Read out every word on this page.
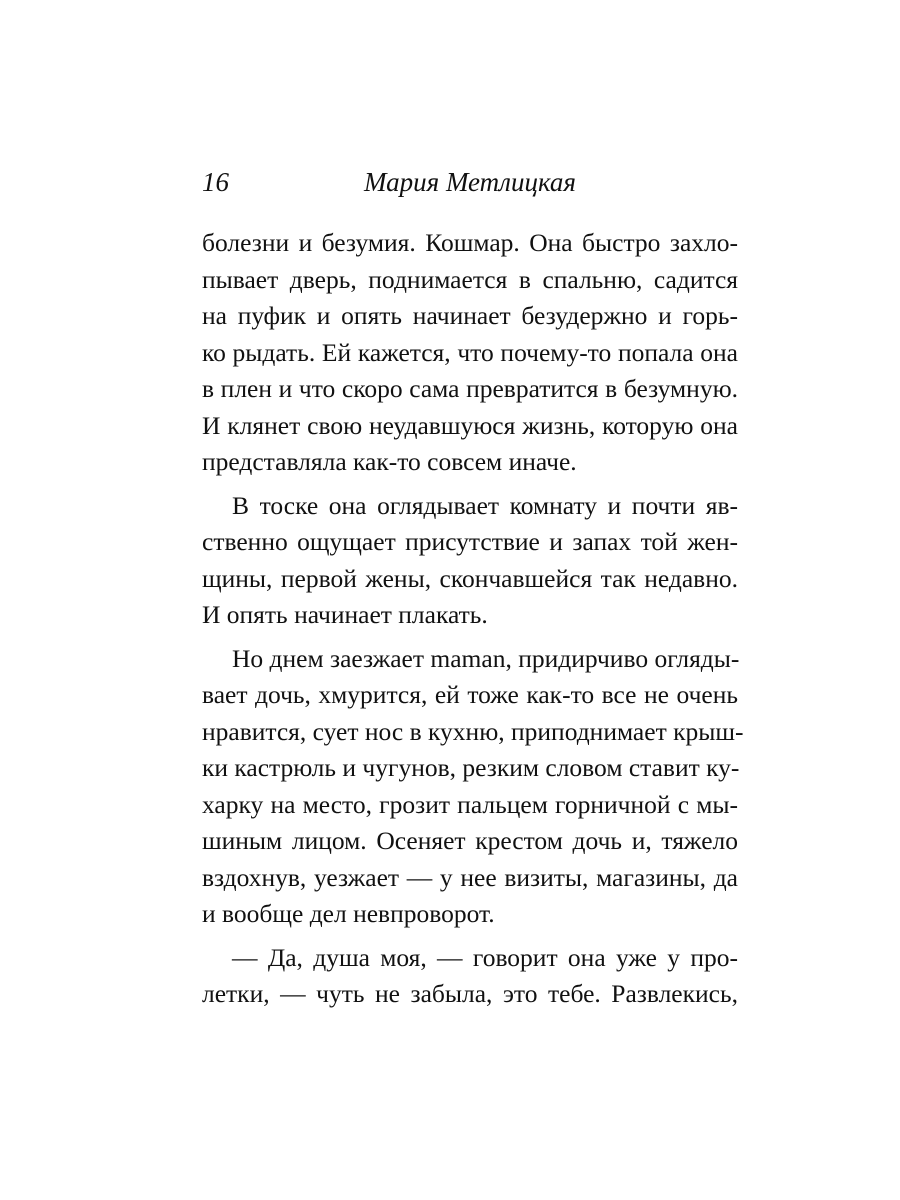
16	Мария Метлицкая
болезни и безумия. Кошмар. Она быстро захло-
пывает дверь, поднимается в спальню, садится
на пуфик и опять начинает безудержно и горь-
ко рыдать. Ей кажется, что почему-то попала она
в плен и что скоро сама превратится в безумную.
И клянет свою неудавшуюся жизнь, которую она
представляла как-то совсем иначе.
В тоске она оглядывает комнату и почти яв-
ственно ощущает присутствие и запах той жен-
щины, первой жены, скончавшейся так недавно.
И опять начинает плакать.
Но днем заезжает maman, придирчиво огляды-
вает дочь, хмурится, ей тоже как-то все не очень
нравится, сует нос в кухню, приподнимает крыш-
ки кастрюль и чугунов, резким словом ставит ку-
харку на место, грозит пальцем горничной с мы-
шиным лицом. Осеняет крестом дочь и, тяжело
вздохнув, уезжает — у нее визиты, магазины, да
и вообще дел невпроворот.
— Да, душа моя, — говорит она уже у про-
летки, — чуть не забыла, это тебе. Развлекись,
